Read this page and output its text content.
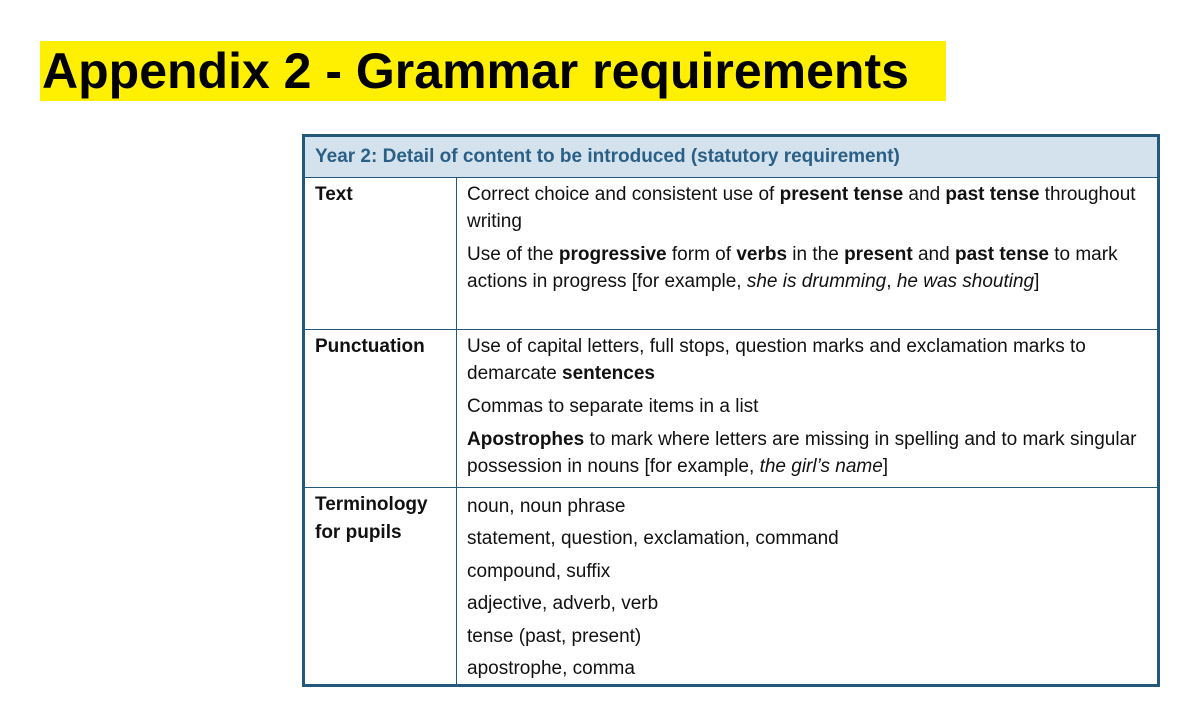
Appendix 2 - Grammar requirements
Year 2: Detail of content to be introduced (statutory requirement)
Text	Correct choice and consistent use of present tense and past tense throughout writing
Use of the progressive form of verbs in the present and past tense to mark actions in progress [for example, she is drumming, he was shouting]
Punctuation	Use of capital letters, full stops, question marks and exclamation marks to demarcate sentences
Commas to separate items in a list
Apostrophes to mark where letters are missing in spelling and to mark singular possession in nouns [for example, the girl’s name]
Terminology for pupils
noun, noun phrase
statement, question, exclamation, command
compound, suffix
adjective, adverb, verb
tense (past, present)
apostrophe, comma
